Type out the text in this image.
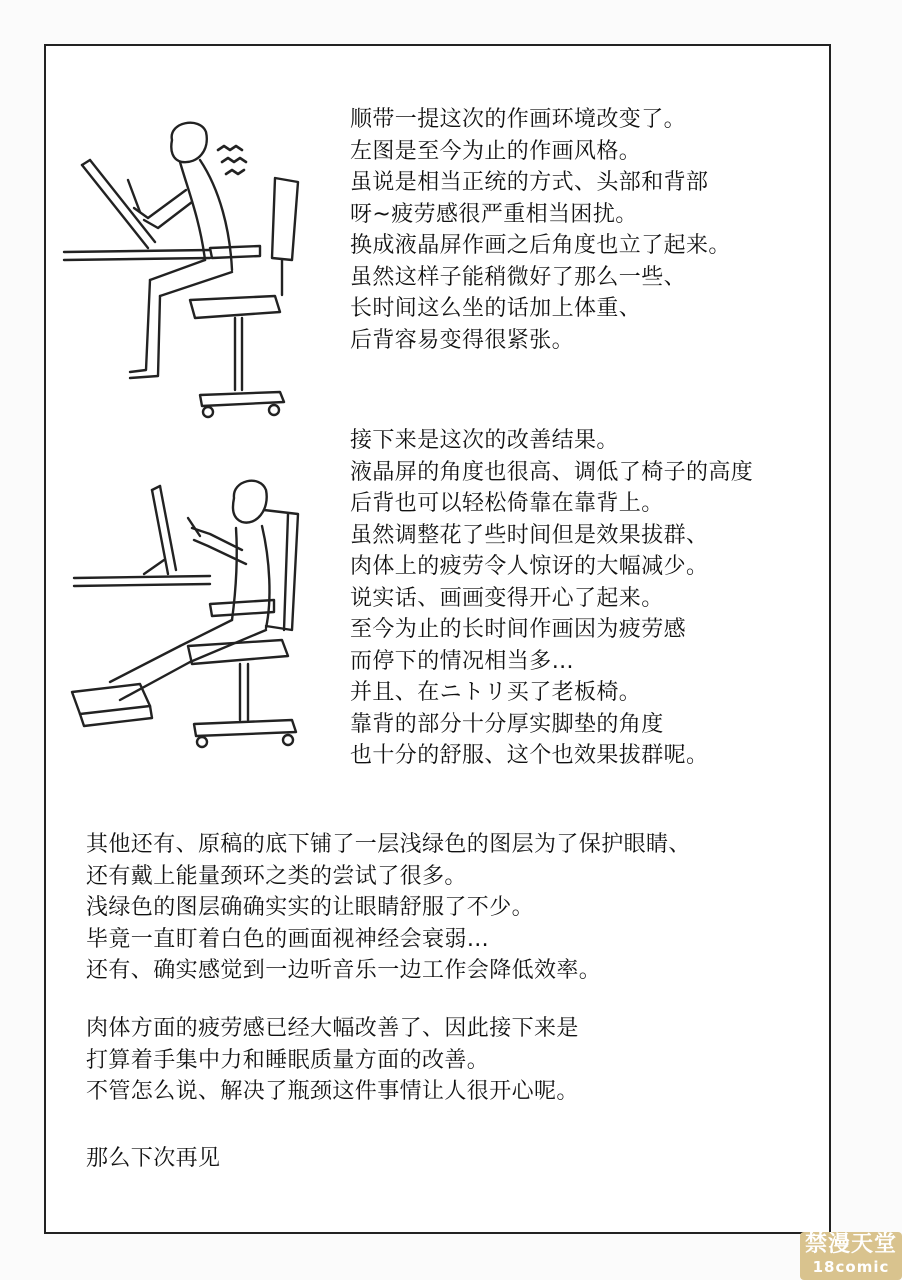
顺带一提这次的作画环境改变了。
左图是至今为止的作画风格。
虽说是相当正统的方式、头部和背部
呀~疲劳感很严重相当困扰。
换成液晶屏作画之后角度也立了起来。
虽然这样子能稍微好了那么一些、
长时间这么坐的话加上体重、
后背容易变得很紧张。
接下来是这次的改善结果。
液晶屏的角度也很高、调低了椅子的高度
后背也可以轻松倚靠在靠背上。
虽然调整花了些时间但是效果拔群、
肉体上的疲劳令人惊讶的大幅减少。
说实话、画画变得开心了起来。
至今为止的长时间作画因为疲劳感
而停下的情况相当多…
并且、在ニトリ买了老板椅。
靠背的部分十分厚实脚垫的角度
也十分的舒服、这个也效果拔群呢。
其他还有、原稿的底下铺了一层浅绿色的图层为了保护眼睛、
还有戴上能量颈环之类的尝试了很多。
浅绿色的图层确确实实的让眼睛舒服了不少。
毕竟一直盯着白色的画面视神经会衰弱…
还有、确实感觉到一边听音乐一边工作会降低效率。
肉体方面的疲劳感已经大幅改善了、因此接下来是
打算着手集中力和睡眠质量方面的改善。
不管怎么说、解决了瓶颈这件事情让人很开心呢。
那么下次再见
禁漫天堂
18comic
